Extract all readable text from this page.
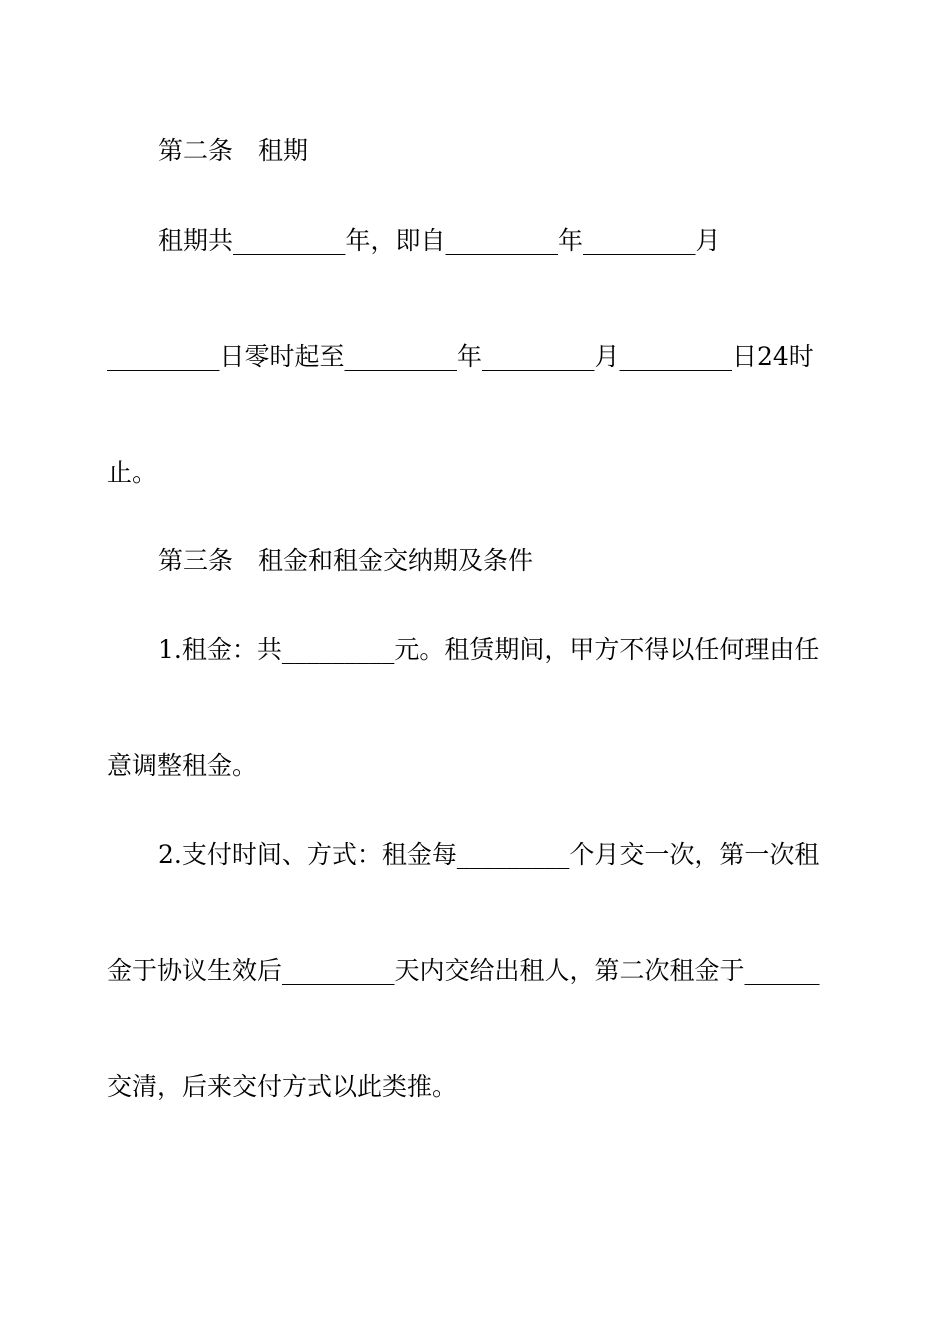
第二条　租期
租期共_________年，即自_________年_________月
_________日零时起至_________年_________月_________日24时
止。
第三条　租金和租金交纳期及条件
1.租金：共_________元。租赁期间，甲方不得以任何理由任
意调整租金。
2.支付时间、方式：租金每_________个月交一次，第一次租
金于协议生效后_________天内交给出租人，第二次租金于______
交清，后来交付方式以此类推。
